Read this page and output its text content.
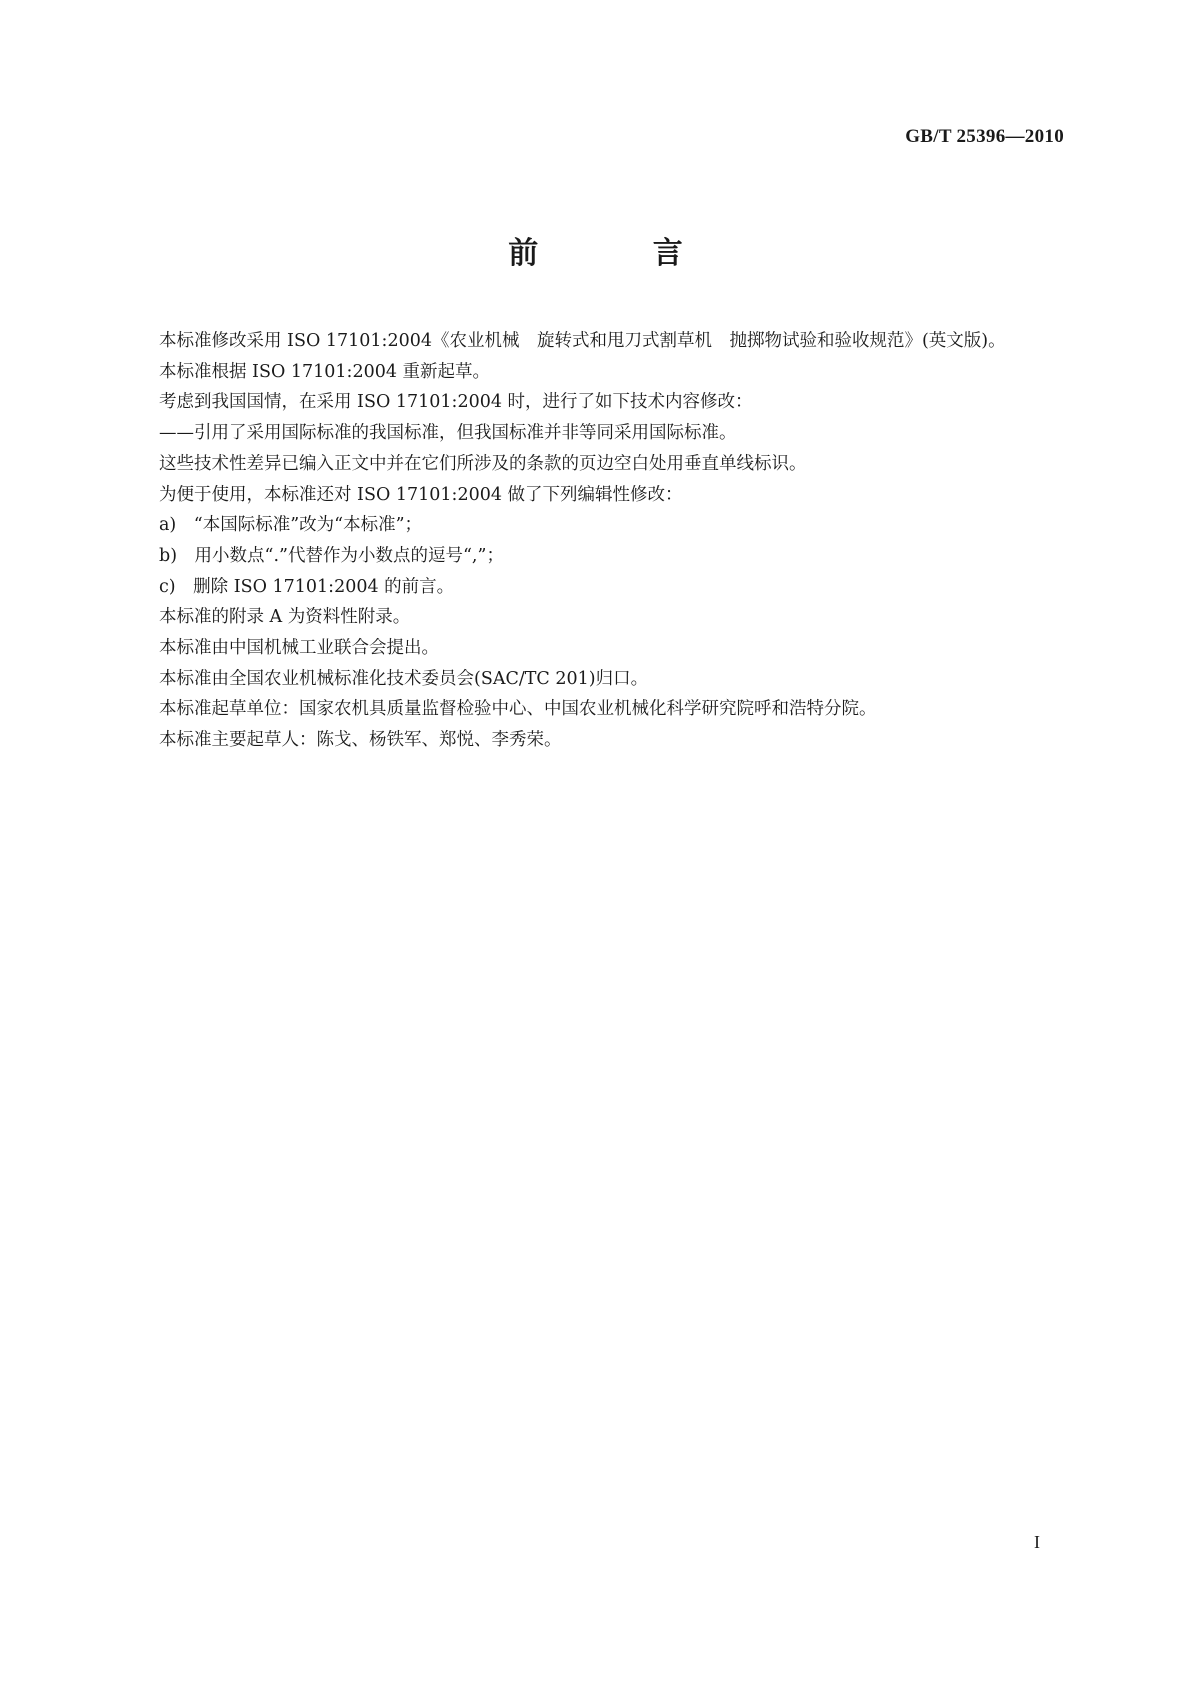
GB/T 25396—2010
前 言

本标准修改采用 ISO 17101:2004《农业机械　旋转式和甩刀式割草机　抛掷物试验和验收规范》(英文版)。

本标准根据 ISO 17101:2004 重新起草。

考虑到我国国情，在采用 ISO 17101:2004 时，进行了如下技术内容修改：

——引用了采用国际标准的我国标准，但我国标准并非等同采用国际标准。

这些技术性差异已编入正文中并在它们所涉及的条款的页边空白处用垂直单线标识。

为便于使用，本标准还对 ISO 17101:2004 做了下列编辑性修改：

a)　“本国际标准”改为“本标准”；

b)　用小数点“.”代替作为小数点的逗号“,”；

c)　删除 ISO 17101:2004 的前言。

本标准的附录 A 为资料性附录。

本标准由中国机械工业联合会提出。

本标准由全国农业机械标准化技术委员会(SAC/TC 201)归口。

本标准起草单位：国家农机具质量监督检验中心、中国农业机械化科学研究院呼和浩特分院。

本标准主要起草人：陈戈、杨铁军、郑悦、李秀荣。

I
